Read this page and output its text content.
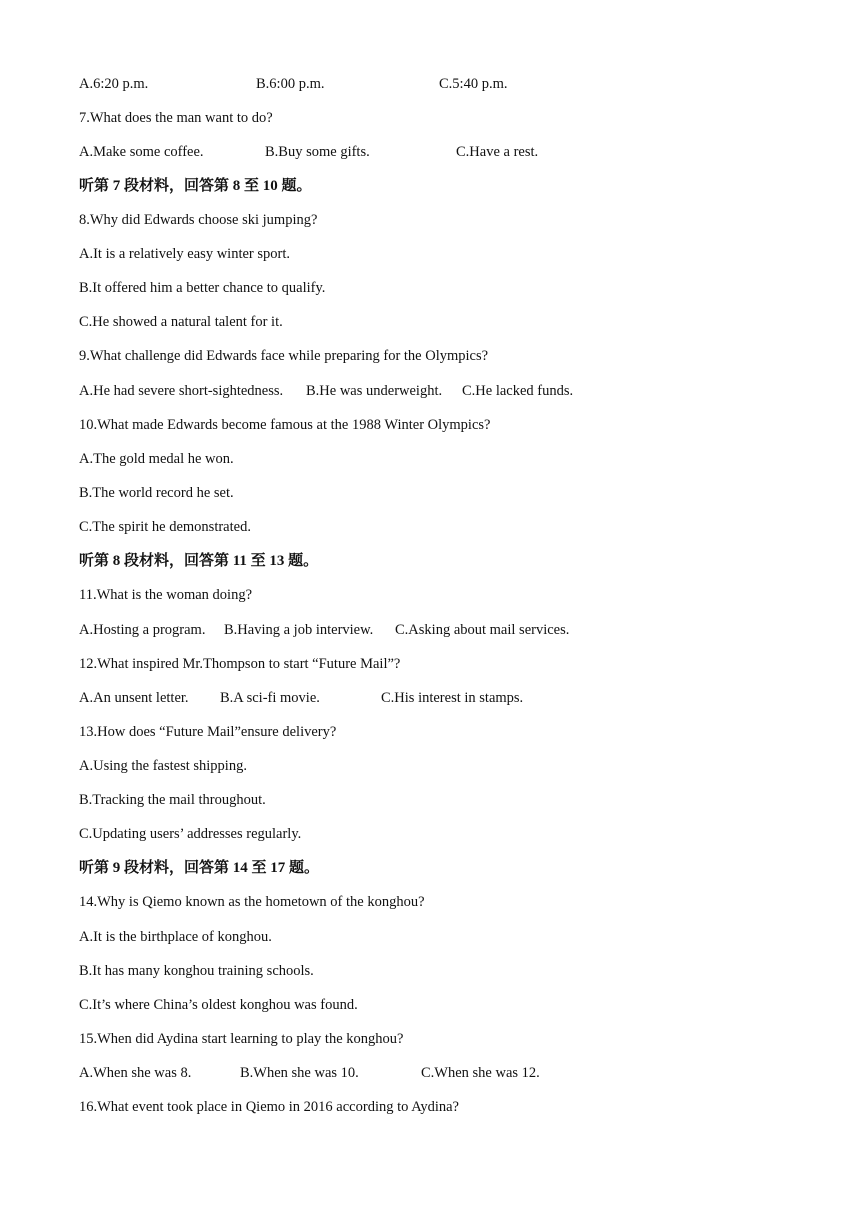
A.6:20 p.m.	B.6:00 p.m.	C.5:40 p.m.
7.What does the man want to do?
A.Make some coffee.	B.Buy some gifts.	C.Have a rest.
听第 7 段材料，回答第 8 至 10 题。
8.Why did Edwards choose ski jumping?
A.It is a relatively easy winter sport.
B.It offered him a better chance to qualify.
C.He showed a natural talent for it.
9.What challenge did Edwards face while preparing for the Olympics?
A.He had severe short-sightedness. B.He was underweight. C.He lacked funds.
10.What made Edwards become famous at the 1988 Winter Olympics?
A.The gold medal he won.
B.The world record he set.
C.The spirit he demonstrated.
听第 8 段材料，回答第 11 至 13 题。
11.What is the woman doing?
A.Hosting a program. B.Having a job interview. C.Asking about mail services.
12.What inspired Mr.Thompson to start “Future Mail”?
A.An unsent letter. B.A sci-fi movie.	C.His interest in stamps.
13.How does “Future Mail”ensure delivery?
A.Using the fastest shipping.
B.Tracking the mail throughout.
C.Updating users’ addresses regularly.
听第 9 段材料，回答第 14 至 17 题。
14.Why is Qiemo known as the hometown of the konghou?
A.It is the birthplace of konghou.
B.It has many konghou training schools.
C.It’s where China’s oldest konghou was found.
15.When did Aydina start learning to play the konghou?
A.When she was 8.	B.When she was 10.	C.When she was 12.
16.What event took place in Qiemo in 2016 according to Aydina?
